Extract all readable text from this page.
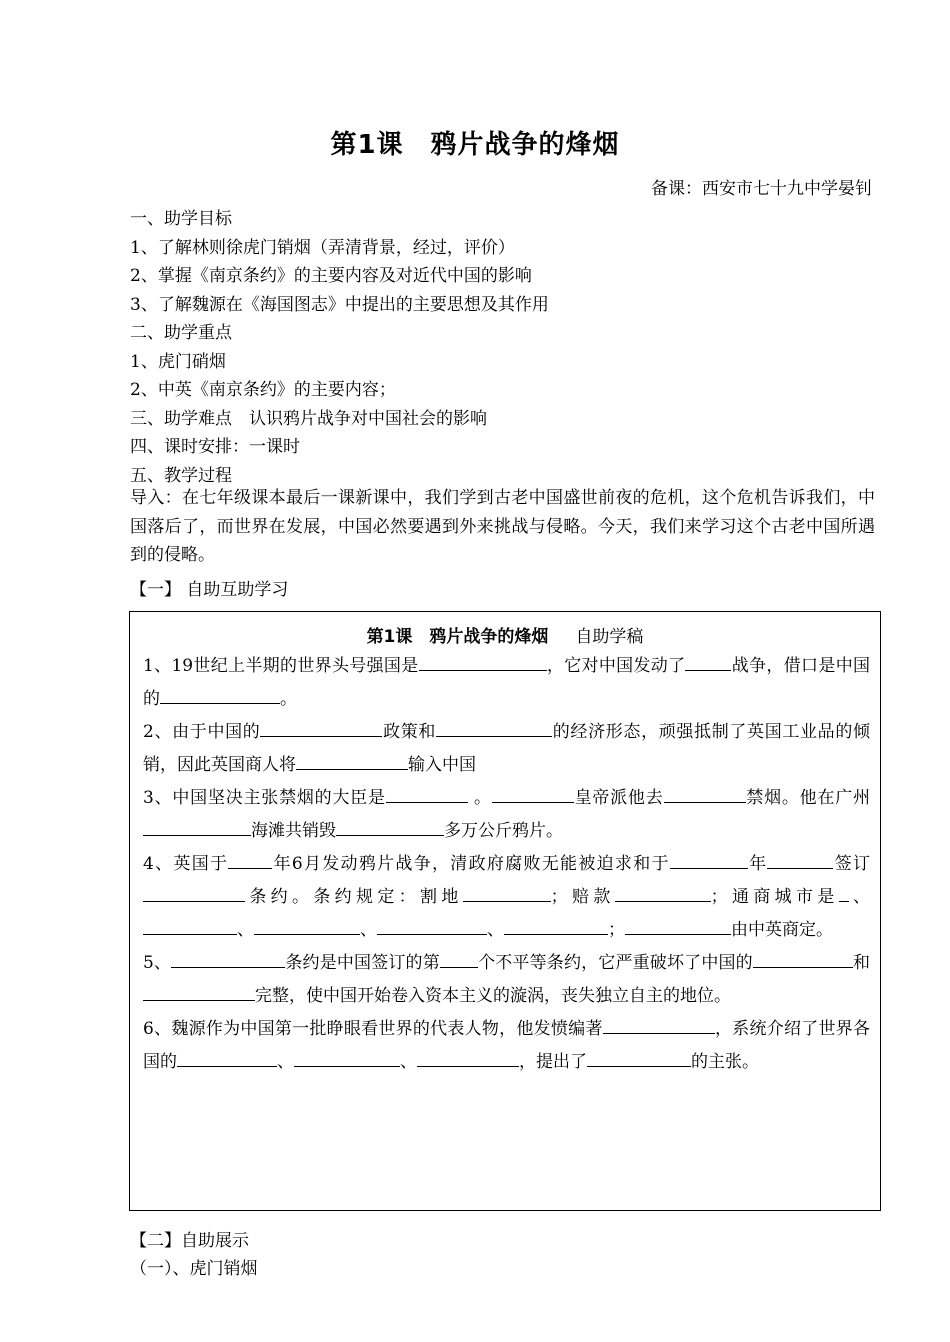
第1课　鸦片战争的烽烟
备课：西安市七十九中学晏钊
一、助学目标
1、了解林则徐虎门销烟（弄清背景，经过，评价）
2、掌握《南京条约》的主要内容及对近代中国的影响
3、了解魏源在《海国图志》中提出的主要思想及其作用
二、助学重点
1、虎门硝烟
2、中英《南京条约》的主要内容；
三、助学难点　认识鸦片战争对中国社会的影响
四、课时安排：一课时
五、教学过程
导入：在七年级课本最后一课新课中，我们学到古老中国盛世前夜的危机，这个危机告诉我们，中国落后了，而世界在发展，中国必然要遇到外来挑战与侵略。今天，我们来学习这个古老中国所遇到的侵略。
【一】 自助互助学习
第1课　鸦片战争的烽烟 自助学稿

1、19世纪上半期的世界头号强国是	，它对中国发动了	战争，借口是中国的	。

2、由于中国的	政策和	的经济形态，顽强抵制了英国工业品的倾销，因此英国商人将	输入中国

3、中国坚决主张禁烟的大臣是	。	皇帝派他去	禁烟。他在广州海滩共销毁	多万公斤鸦片。

4、英国于	年6月发动鸦片战争，清政府腐败无能被迫求和于	年	签订条约。条约规定：割地	；赔款	；通商城市是 、、	、	、	；	由中英商定。

5、	条约是中国签订的第 个不平等条约，它严重破坏了中国的	和完整，使中国开始卷入资本主义的漩涡，丧失独立自主的地位。

6、魏源作为中国第一批睁眼看世界的代表人物，他发愤编著	，系统介绍了世界各国的	、	、	，提出了	的主张。

【二】自助展示
（一）、虎门销烟
